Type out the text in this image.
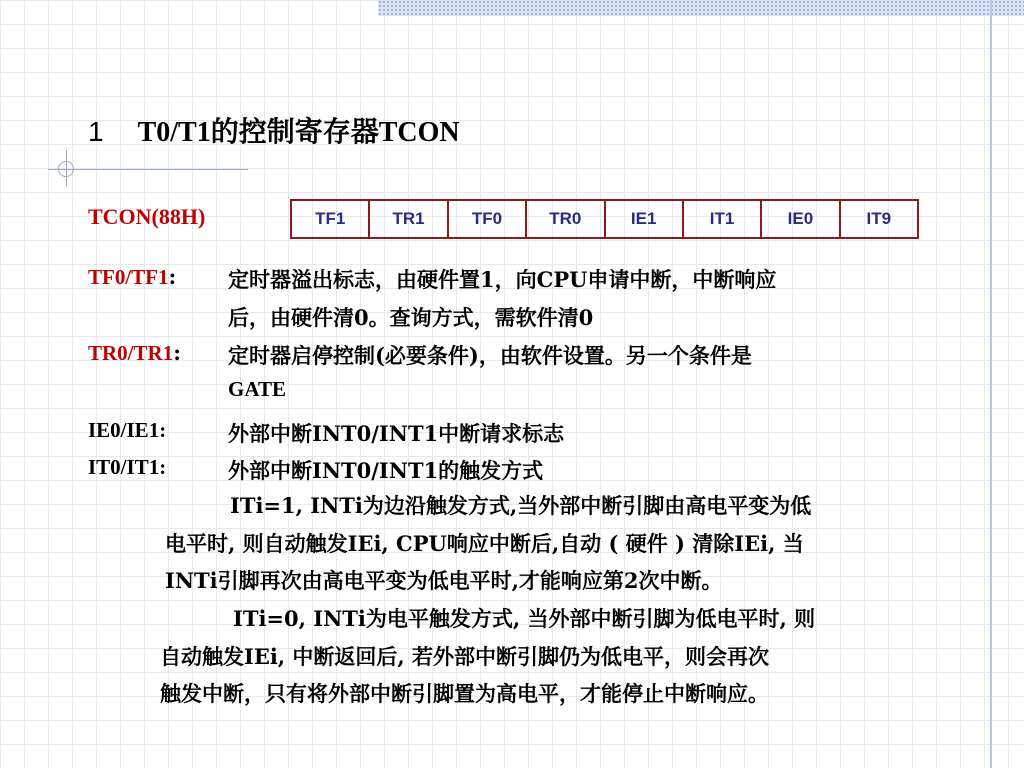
1 T0/T1的控制寄存器TCON
TCON(88H)	TF1	TR1	TF0	TR0	IE1	IT1	IE0	IT9
TF0/TF1: 定时器溢出标志，由硬件置1，向CPU申请中断，中断响应
后，由硬件清0。查询方式，需软件清0
TR0/TR1: 定时器启停控制(必要条件)，由软件设置。另一个条件是
GATE
IE0/IE1:	外部中断INT0/INT1中断请求标志
IT0/IT1:	外部中断INT0/INT1的触发方式
ITi=1, INTi为边沿触发方式,当外部中断引脚由高电平变为低
电平时, 则自动触发IEi, CPU响应中断后,自动 ( 硬件 ) 清除IEi, 当
INTi引脚再次由高电平变为低电平时,才能响应第2次中断。
ITi=0, INTi为电平触发方式, 当外部中断引脚为低电平时, 则
自动触发IEi, 中断返回后, 若外部中断引脚仍为低电平，则会再次
触发中断，只有将外部中断引脚置为高电平，才能停止中断响应。
